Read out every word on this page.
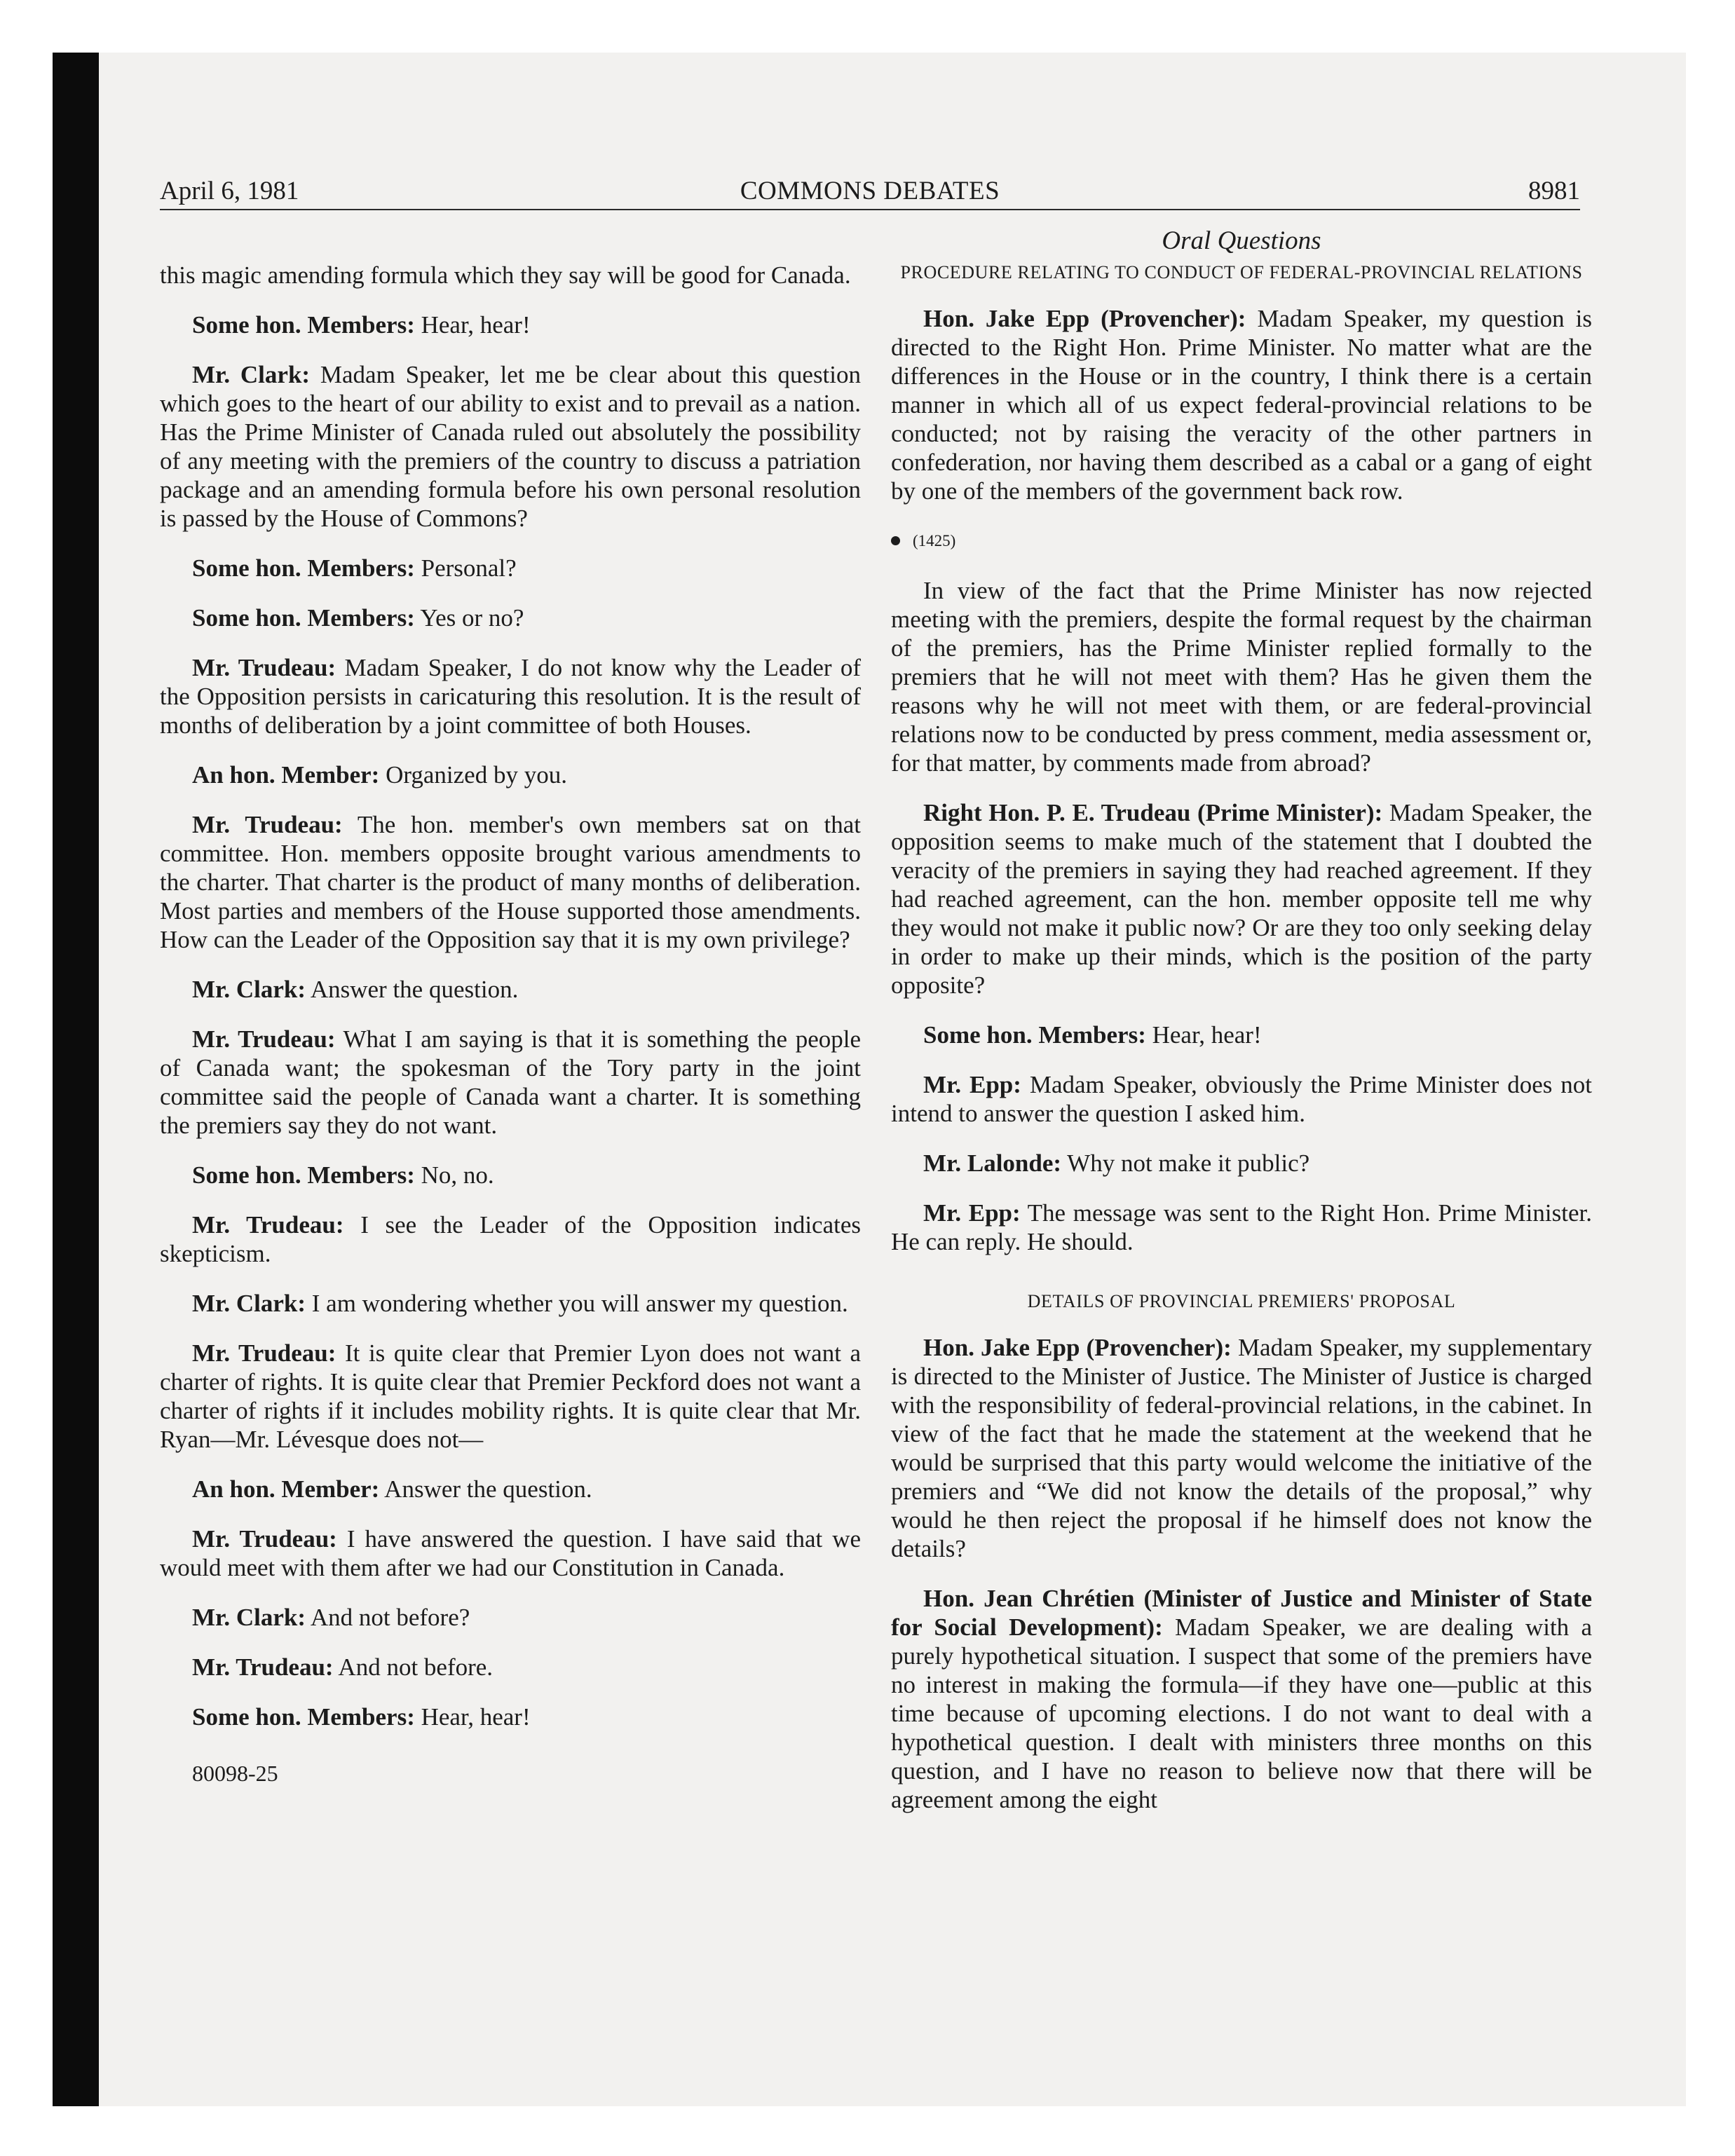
April 6, 1981	COMMONS DEBATES	8981

this magic amending formula which they say will be good for Canada.

Some hon. Members: Hear, hear!

Mr. Clark: Madam Speaker, let me be clear about this question which goes to the heart of our ability to exist and to prevail as a nation. Has the Prime Minister of Canada ruled out absolutely the possibility of any meeting with the premiers of the country to discuss a patriation package and an amending formula before his own personal resolution is passed by the House of Commons?

Some hon. Members: Personal?

Some hon. Members: Yes or no?

Mr. Trudeau: Madam Speaker, I do not know why the Leader of the Opposition persists in caricaturing this resolution. It is the result of months of deliberation by a joint committee of both Houses.

An hon. Member: Organized by you.

Mr. Trudeau: The hon. member's own members sat on that committee. Hon. members opposite brought various amendments to the charter. That charter is the product of many months of deliberation. Most parties and members of the House supported those amendments. How can the Leader of the Opposition say that it is my own privilege?

Mr. Clark: Answer the question.

Mr. Trudeau: What I am saying is that it is something the people of Canada want; the spokesman of the Tory party in the joint committee said the people of Canada want a charter. It is something the premiers say they do not want.

Some hon. Members: No, no.

Mr. Trudeau: I see the Leader of the Opposition indicates skepticism.

Mr. Clark: I am wondering whether you will answer my question.

Mr. Trudeau: It is quite clear that Premier Lyon does not want a charter of rights. It is quite clear that Premier Peckford does not want a charter of rights if it includes mobility rights. It is quite clear that Mr. Ryan—Mr. Lévesque does not—

An hon. Member: Answer the question.

Mr. Trudeau: I have answered the question. I have said that we would meet with them after we had our Constitution in Canada.

Mr. Clark: And not before?

Mr. Trudeau: And not before.

Some hon. Members: Hear, hear!

80098-25
Oral Questions
PROCEDURE RELATING TO CONDUCT OF FEDERAL-PROVINCIAL RELATIONS

Hon. Jake Epp (Provencher): Madam Speaker, my question is directed to the Right Hon. Prime Minister. No matter what are the differences in the House or in the country, I think there is a certain manner in which all of us expect federal-provincial relations to be conducted; not by raising the veracity of the other partners in confederation, nor having them described as a cabal or a gang of eight by one of the members of the government back row.

(1425)

In view of the fact that the Prime Minister has now rejected meeting with the premiers, despite the formal request by the chairman of the premiers, has the Prime Minister replied formally to the premiers that he will not meet with them? Has he given them the reasons why he will not meet with them, or are federal-provincial relations now to be conducted by press comment, media assessment or, for that matter, by comments made from abroad?

Right Hon. P. E. Trudeau (Prime Minister): Madam Speaker, the opposition seems to make much of the statement that I doubted the veracity of the premiers in saying they had reached agreement. If they had reached agreement, can the hon. member opposite tell me why they would not make it public now? Or are they too only seeking delay in order to make up their minds, which is the position of the party opposite?

Some hon. Members: Hear, hear!

Mr. Epp: Madam Speaker, obviously the Prime Minister does not intend to answer the question I asked him.

Mr. Lalonde: Why not make it public?

Mr. Epp: The message was sent to the Right Hon. Prime Minister. He can reply. He should.

DETAILS OF PROVINCIAL PREMIERS' PROPOSAL

Hon. Jake Epp (Provencher): Madam Speaker, my supplementary is directed to the Minister of Justice. The Minister of Justice is charged with the responsibility of federal-provincial relations, in the cabinet. In view of the fact that he made the statement at the weekend that he would be surprised that this party would welcome the initiative of the premiers and “We did not know the details of the proposal,” why would he then reject the proposal if he himself does not know the details?

Hon. Jean Chrétien (Minister of Justice and Minister of State for Social Development): Madam Speaker, we are dealing with a purely hypothetical situation. I suspect that some of the premiers have no interest in making the formula—if they have one—public at this time because of upcoming elections. I do not want to deal with a hypothetical question. I dealt with ministers three months on this question, and I have no reason to believe now that there will be agreement among the eight
